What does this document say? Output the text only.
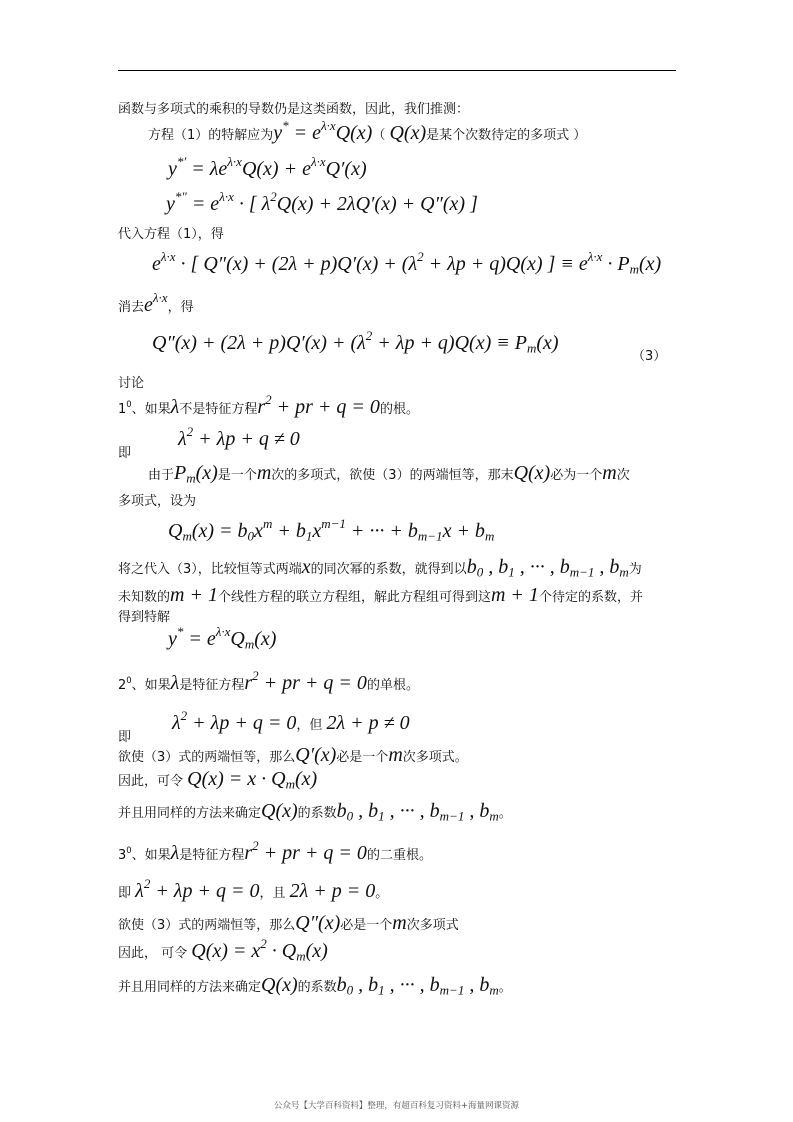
函数与多项式的乘积的导数仍是这类函数，因此，我们推测：
方程（1）的特解应为$y^* = e^{\lambda\cdot x}Q(x)$（ Q(x)是某个次数待定的多项式 ）
$y^{*'} = \lambda e^{\lambda\cdot x}Q(x) + e^{\lambda\cdot x}Q'(x)$
$y^{*''} = e^{\lambda\cdot x}$ · [ $\lambda^2Q(x) + 2\lambda Q'(x) + Q''(x)$ ]
代入方程（1），得
$e^{\lambda\cdot x}$ · [ $Q''(x) + (2\lambda + p)Q'(x) + (\lambda^2 + \lambda p + q)Q(x)$ ] ≡ $e^{\lambda\cdot x} \cdot P_m(x)$
消去$e^{\lambda\cdot x}$，得
$Q''(x) + (2\lambda + p)Q'(x) + (\lambda^2 + \lambda p + q)Q(x) \equiv P_m(x)$
（3）
讨论
$1^0$、如果λ不是特征方程$r^2$ + pr + q = 0的根。
即
$\lambda^2 + \lambda p + q \ne 0$
由于$P_m(x)$是一个m次的多项式，欲使（3）的两端恒等，那末Q(x)必为一个m次
多项式，设为
$Q_m(x) = b_0x^m + b_1x^{m-1}$ + ··· + $b_{m-1}x + b_m$
将之代入（3），比较恒等式两端x的同次幂的系数，就得到以$b_0$ , $b_1$ , ··· , $b_{m-1}$ , $b_m$为
未知数的m + 1个线性方程的联立方程组，解此方程组可得到这m + 1个待定的系数，并
得到特解
$y^* = e^{\lambda\cdot x}Q_m(x)$
$2^0$、如果λ是特征方程$r^2$ + pr + q = 0的单根。
即
$\lambda^2 + \lambda p + q = 0$，但 2λ + p ≠ 0
欲使（3）式的两端恒等，那么Q′(x)必是一个m次多项式。
因此，可令 $Q(x) = x \cdot Q_m(x)$
并且用同样的方法来确定Q(x)的系数$b_0$ , $b_1$ , ··· , $b_{m-1}$ , $b_m$。
$3^0$、如果λ是特征方程$r^2$ + pr + q = 0的二重根。
即 $\lambda^2 + \lambda p + q = 0$，且 2λ + p = 0。
欲使（3）式的两端恒等，那么Q″(x)必是一个m次多项式
因此， 可令 $Q(x) = x^2 \cdot Q_m(x)$
并且用同样的方法来确定Q(x)的系数$b_0$ , $b_1$ , ··· , $b_{m-1}$ , $b_m$。
公众号【大学百科资料】整理，有超百科复习资料+海量网课资源
